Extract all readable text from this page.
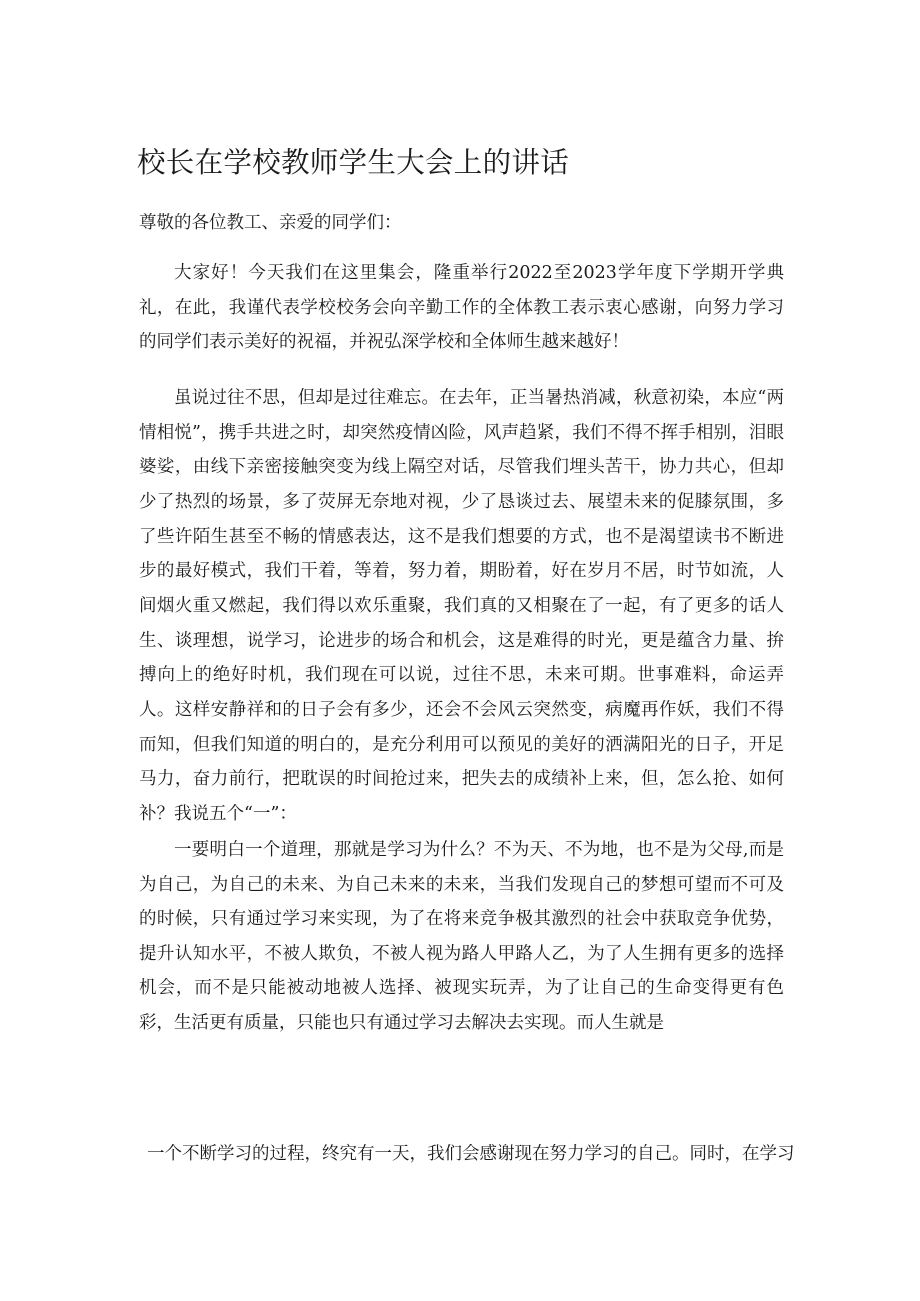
校长在学校教师学生大会上的讲话

尊敬的各位教工、亲爱的同学们：

大家好！今天我们在这里集会，隆重举行2022至2023学年度下学期开学典礼，在此，我谨代表学校校务会向辛勤工作的全体教工表示衷心感谢，向努力学习的同学们表示美好的祝福，并祝弘深学校和全体师生越来越好！

虽说过往不思，但却是过往难忘。在去年，正当暑热消减，秋意初染，本应“两情相悦”，携手共进之时，却突然疫情凶险，风声趋紧，我们不得不挥手相别，泪眼婆娑，由线下亲密接触突变为线上隔空对话，尽管我们埋头苦干，协力共心，但却少了热烈的场景，多了荧屏无奈地对视，少了恳谈过去、展望未来的促膝氛围，多了些许陌生甚至不畅的情感表达，这不是我们想要的方式，也不是渴望读书不断进步的最好模式，我们干着，等着，努力着，期盼着，好在岁月不居，时节如流，人间烟火重又燃起，我们得以欢乐重聚，我们真的又相聚在了一起，有了更多的话人生、谈理想，说学习，论进步的场合和机会，这是难得的时光，更是蕴含力量、拚搏向上的绝好时机，我们现在可以说，过往不思，未来可期。世事难料，命运弄人。这样安静祥和的日子会有多少，还会不会风云突然变，病魔再作妖，我们不得而知，但我们知道的明白的，是充分利用可以预见的美好的洒满阳光的日子，开足马力，奋力前行，把耽误的时间抢过来，把失去的成绩补上来，但，怎么抢、如何补？我说五个“一”：

一要明白一个道理，那就是学习为什么？不为天、不为地，也不是为父母,而是为自己，为自己的未来、为自己未来的未来，当我们发现自己的梦想可望而不可及的时候，只有通过学习来实现，为了在将来竞争极其激烈的社会中获取竞争优势，提升认知水平，不被人欺负，不被人视为路人甲路人乙，为了人生拥有更多的选择机会，而不是只能被动地被人选择、被现实玩弄，为了让自己的生命变得更有色彩，生活更有质量，只能也只有通过学习去解决去实现。而人生就是

一个不断学习的过程，终究有一天，我们会感谢现在努力学习的自己。同时，在学习
